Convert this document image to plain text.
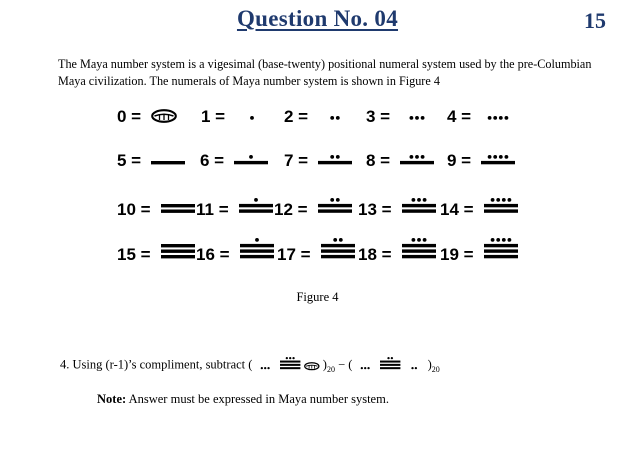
Question No. 04	15
The Maya number system is a vigesimal (base-twenty) positional numeral system used by the pre-Columbian Maya civilization. The numerals of Maya number system is shown in Figure 4
0 =	1 =	2 =	3 =	4 =
5 =	6 =	7 =	8 =	9 =
10 =	11 =	12 =	13 =	14 =
15 =	16 =	17 =	18 =	19 =
Figure 4
4. Using (r-1)’s compliment, subtract (	)$_{20}$ − (	)$_{20}$
Note: Answer must be expressed in Maya number system.
